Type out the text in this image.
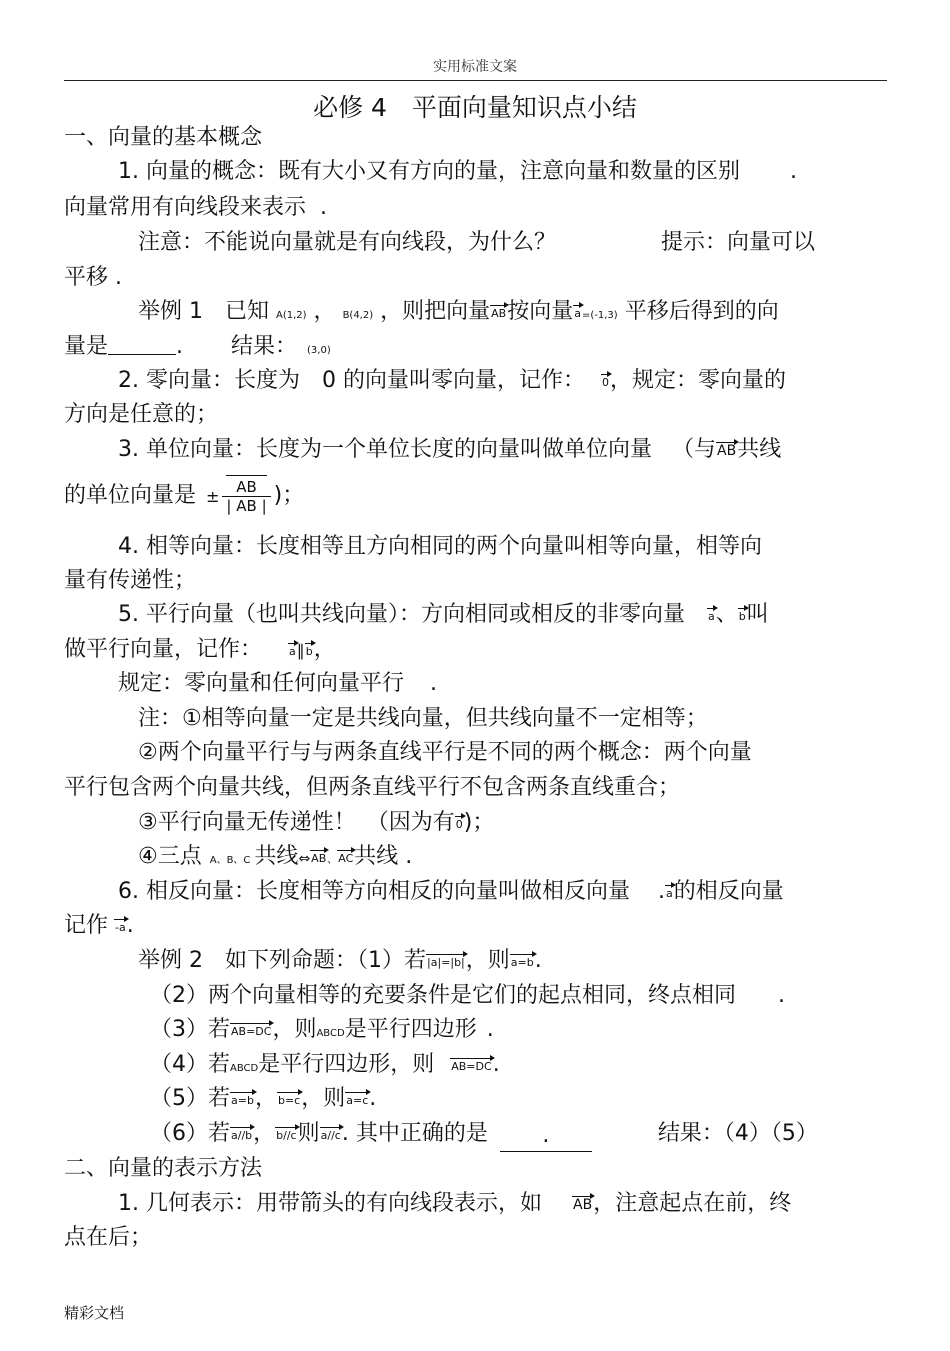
实用标准文案
必修 4　平面向量知识点小结
一、向量的基本概念
1. 向量的概念：既有大小又有方向的量，注意向量和数量的区别 .
向量常用有向线段来表示 .
注意：不能说向量就是有向线段，为什么？	提示：向量可以
平移 .
举例 1　已知 A(1,2) ， B(4,2) ，则把向量AB按向量a=(-1,3) 平移后得到的向
量是	. 结果： (3,0)
2. 零向量：长度为　0 的向量叫零向量，记作： 0，规定：零向量的
方向是任意的；
3. 单位向量：长度为一个单位长度的向量叫做单位向量 （与AB共线
的单位向量是 ± $\frac{AB}{| AB |}$ )；
4. 相等向量：长度相等且方向相同的两个向量叫相等向量，相等向
量有传递性；
5. 平行向量（也叫共线向量）：方向相同或相反的非零向量 a、b叫
做平行向量，记作： a∥b，
规定：零向量和任何向量平行 .
注：①相等向量一定是共线向量，但共线向量不一定相等；
②两个向量平行与与两条直线平行是不同的两个概念：两个向量
平行包含两个向量共线，但两条直线平行不包含两条直线重合；
③平行向量无传递性！　（因为有0)；
④三点 A、B、C 共线⇔AB、AC共线 .
6. 相反向量：长度相等方向相反的向量叫做相反向量 .a的相反向量
记作 -a.
举例 2　如下列命题：（1）若|a|=|b|，则a=b.
（2）两个向量相等的充要条件是它们的起点相同，终点相同 .
（3）若AB=DC，则ABCD是平行四边形 .
（4）若ABCD是平行四边形，则 AB=DC.
（5）若a=b，b=c，则a=c.
（6）若a//b，b//c则a//c. 其中正确的是 .	结果：（4）（5）
二、向量的表示方法
1. 几何表示：用带箭头的有向线段表示，如 AB，注意起点在前，终
点在后；
精彩文档
